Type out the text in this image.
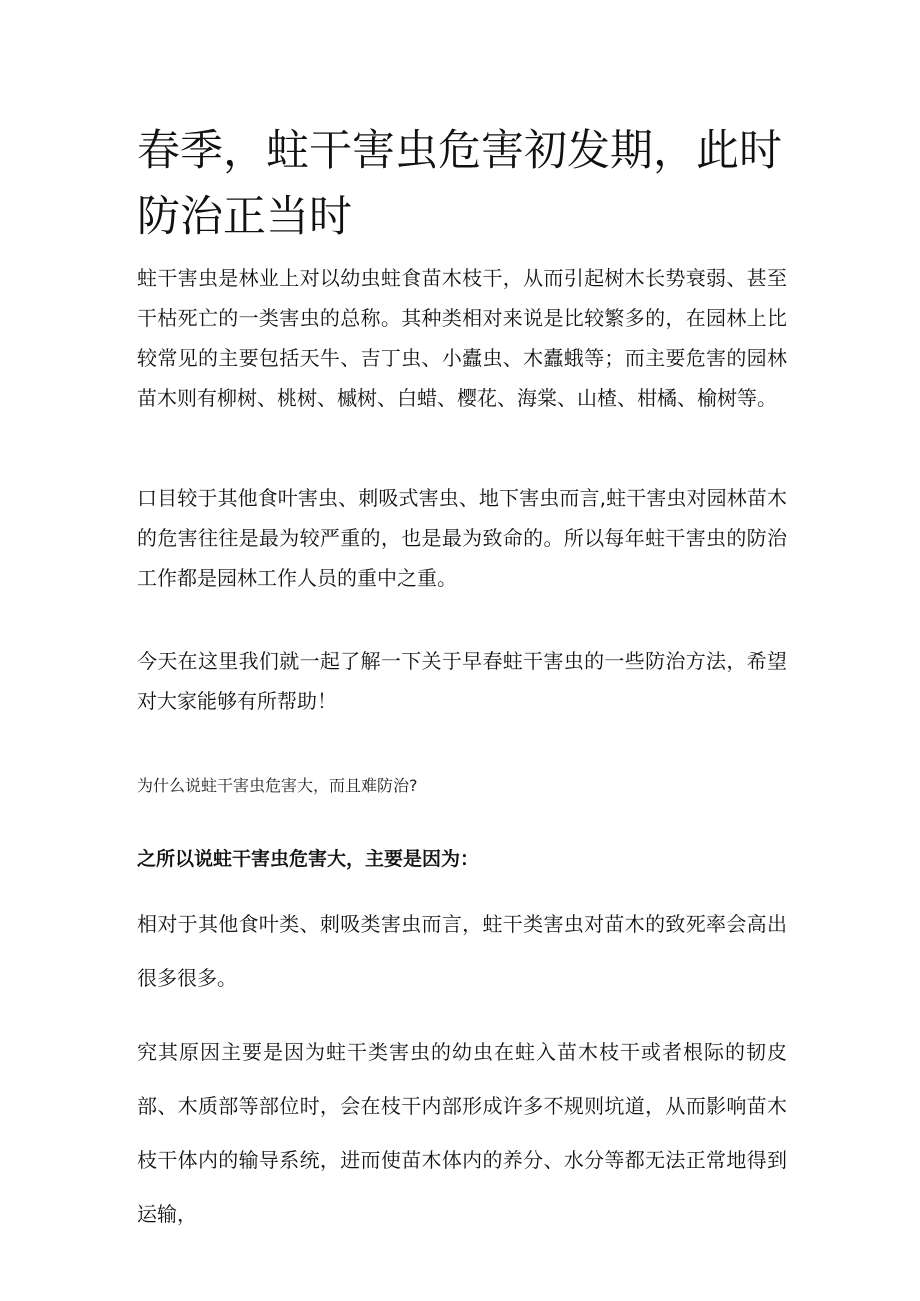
春季，蛀干害虫危害初发期，此时防治正当时

蛀干害虫是林业上对以幼虫蛀食苗木枝干，从而引起树木长势衰弱、甚至干枯死亡的一类害虫的总称。其种类相对来说是比较繁多的，在园林上比较常见的主要包括天牛、吉丁虫、小蠹虫、木蠹蛾等；而主要危害的园林苗木则有柳树、桃树、槭树、白蜡、樱花、海棠、山楂、柑橘、榆树等。

口目较于其他食叶害虫、刺吸式害虫、地下害虫而言,蛀干害虫对园林苗木的危害往往是最为较严重的，也是最为致命的。所以每年蛀干害虫的防治工作都是园林工作人员的重中之重。

今天在这里我们就一起了解一下关于早春蛀干害虫的一些防治方法，希望对大家能够有所帮助！

为什么说蛀干害虫危害大，而且难防治?

之所以说蛀干害虫危害大，主要是因为：

相对于其他食叶类、刺吸类害虫而言，蛀干类害虫对苗木的致死率会高出很多很多。

究其原因主要是因为蛀干类害虫的幼虫在蛀入苗木枝干或者根际的韧皮部、木质部等部位时，会在枝干内部形成许多不规则坑道，从而影响苗木枝干体内的输导系统，进而使苗木体内的养分、水分等都无法正常地得到运输，
